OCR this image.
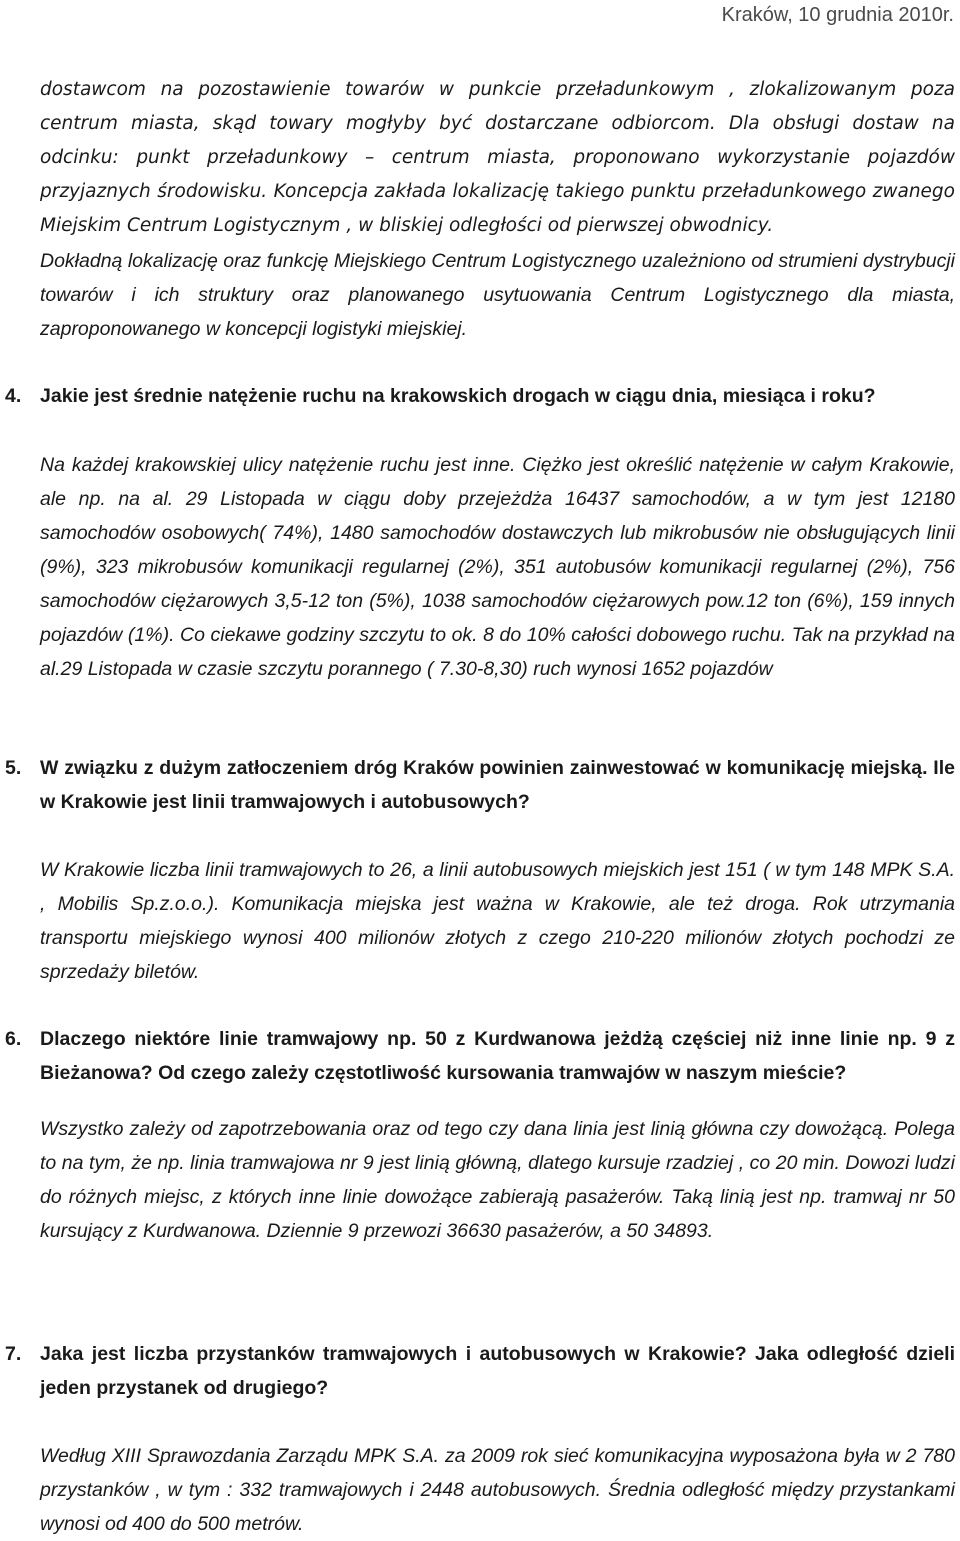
Kraków, 10 grudnia 2010r.

dostawcom na pozostawienie towarów w punkcie przeładunkowym , zlokalizowanym poza centrum miasta, skąd towary mogłyby być dostarczane odbiorcom. Dla obsługi dostaw na odcinku: punkt przeładunkowy – centrum miasta, proponowano wykorzystanie pojazdów przyjaznych środowisku. Koncepcja zakłada lokalizację takiego punktu przeładunkowego zwanego Miejskim Centrum Logistycznym , w bliskiej odległości od pierwszej obwodnicy.

Dokładną lokalizację oraz funkcję Miejskiego Centrum Logistycznego uzależniono od strumieni dystrybucji towarów i ich struktury oraz planowanego usytuowania Centrum Logistycznego dla miasta, zaproponowanego w koncepcji logistyki miejskiej.

4. Jakie jest średnie natężenie ruchu na krakowskich drogach w ciągu dnia, miesiąca i roku?

Na każdej krakowskiej ulicy natężenie ruchu jest inne. Ciężko jest określić natężenie w całym Krakowie, ale np. na al. 29 Listopada w ciągu doby przejeżdża 16437 samochodów, a w tym jest 12180 samochodów osobowych( 74%), 1480 samochodów dostawczych lub mikrobusów nie obsługujących linii (9%), 323 mikrobusów komunikacji regularnej (2%), 351 autobusów komunikacji regularnej (2%), 756 samochodów ciężarowych 3,5-12 ton (5%), 1038 samochodów ciężarowych pow.12 ton (6%), 159 innych pojazdów (1%). Co ciekawe godziny szczytu to ok. 8 do 10% całości dobowego ruchu. Tak na przykład na al.29 Listopada w czasie szczytu porannego ( 7.30-8,30) ruch wynosi 1652 pojazdów

5. W związku z dużym zatłoczeniem dróg Kraków powinien zainwestować w komunikację miejską. Ile w Krakowie jest linii tramwajowych i autobusowych?

W Krakowie liczba linii tramwajowych to 26, a linii autobusowych miejskich jest 151 ( w tym 148 MPK S.A. , Mobilis Sp.z.o.o.). Komunikacja miejska jest ważna w Krakowie, ale też droga. Rok utrzymania transportu miejskiego wynosi 400 milionów złotych z czego 210-220 milionów złotych pochodzi ze sprzedaży biletów.

6. Dlaczego niektóre linie tramwajowy np. 50 z Kurdwanowa jeżdżą częściej niż inne linie np. 9 z Bieżanowa? Od czego zależy częstotliwość kursowania tramwajów w naszym mieście?

Wszystko zależy od zapotrzebowania oraz od tego czy dana linia jest linią główna czy dowożącą. Polega to na tym, że np. linia tramwajowa nr 9 jest linią główną, dlatego kursuje rzadziej , co 20 min. Dowozi ludzi do różnych miejsc, z których inne linie dowożące zabierają pasażerów. Taką linią jest np. tramwaj nr 50 kursujący z Kurdwanowa. Dziennie 9 przewozi 36630 pasażerów, a 50 34893.

7. Jaka jest liczba przystanków tramwajowych i autobusowych w Krakowie? Jaka odległość dzieli jeden przystanek od drugiego?

Według XIII Sprawozdania Zarządu MPK S.A. za 2009 rok sieć komunikacyjna wyposażona była w 2 780 przystanków , w tym : 332 tramwajowych i 2448 autobusowych. Średnia odległość między przystankami wynosi od 400 do 500 metrów.
